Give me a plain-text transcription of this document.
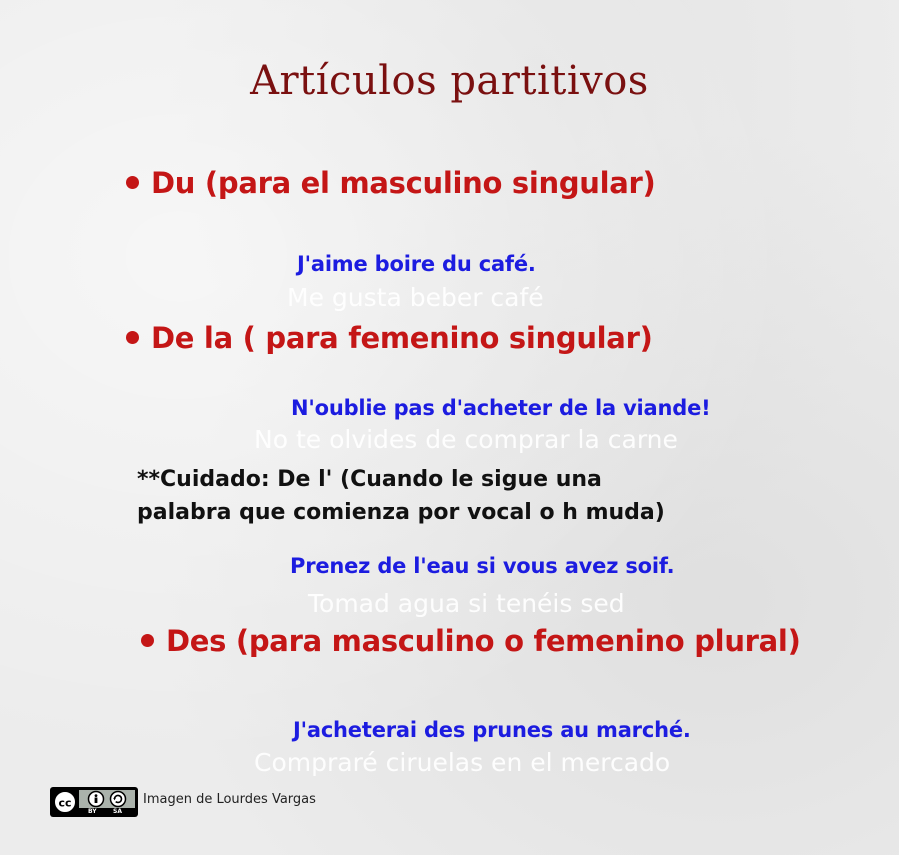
Artículos partitivos
Du (para el masculino singular)
J'aime boire du café.
Me gusta beber café
De la ( para femenino singular)
N'oublie pas d'acheter de la viande!
No te olvides de comprar la carne
**Cuidado: De l' (Cuando le sigue una
palabra que comienza por vocal o h muda)
Prenez de l'eau si vous avez soif.
Tomad agua si tenéis sed
Des (para masculino o femenino plural)
J'acheterai des prunes au marché.
Compraré ciruelas en el mercado
cc
BY	SA
Imagen de Lourdes Vargas
